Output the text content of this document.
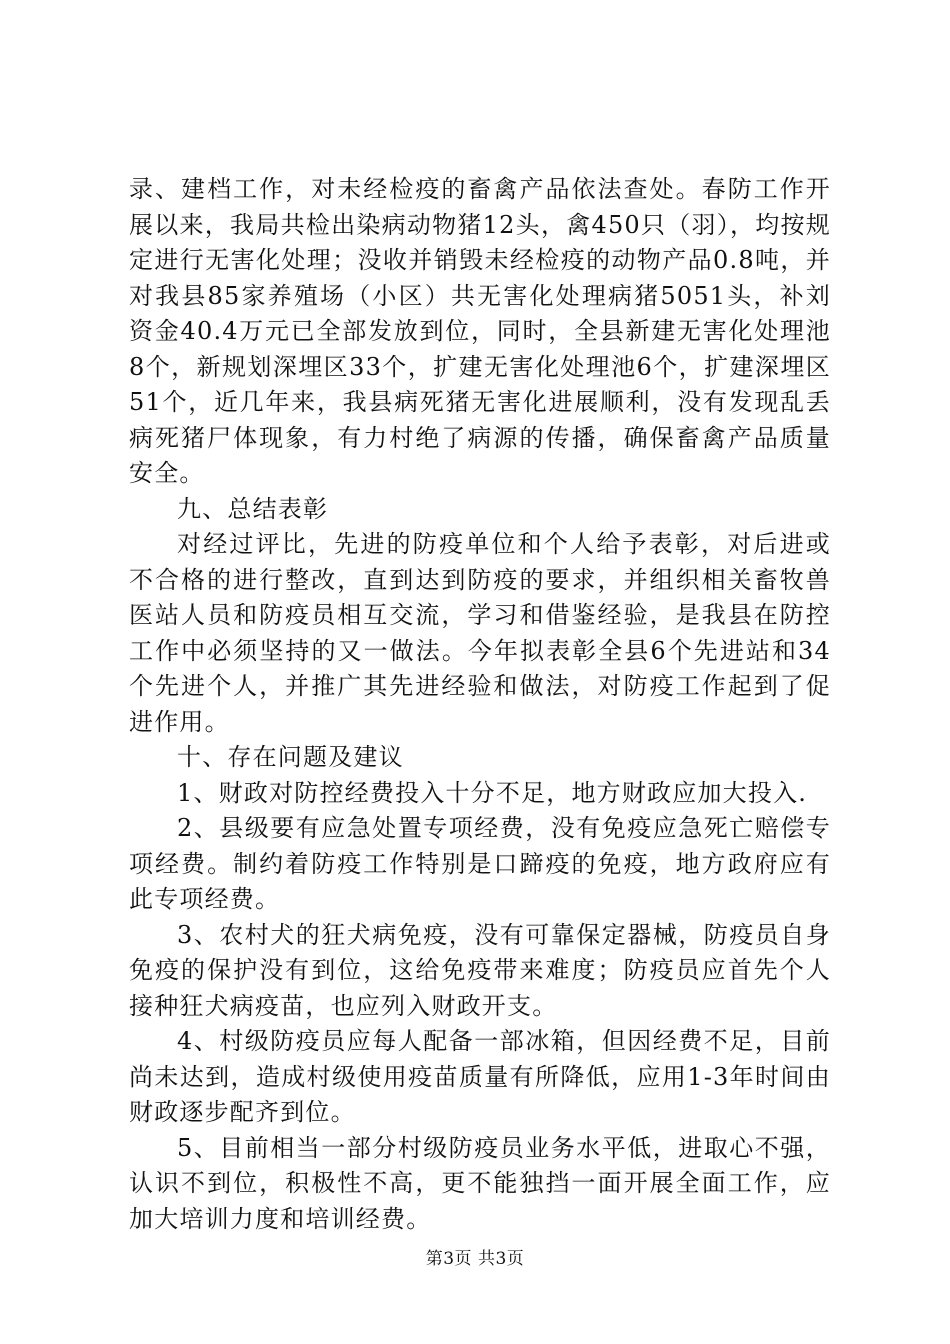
录、建档工作，对未经检疫的畜禽产品依法查处。春防工作开展以来，我局共检出染病动物猪12头，禽450只（羽），均按规定进行无害化处理；没收并销毁未经检疫的动物产品0.8吨，并对我县85家养殖场（小区）共无害化处理病猪5051头，补刘资金40.4万元已全部发放到位，同时，全县新建无害化处理池8个，新规划深埋区33个，扩建无害化处理池6个，扩建深埋区51个，近几年来，我县病死猪无害化进展顺利，没有发现乱丢病死猪尸体现象，有力村绝了病源的传播，确保畜禽产品质量安全。

九、总结表彰

对经过评比，先进的防疫单位和个人给予表彰，对后进或不合格的进行整改，直到达到防疫的要求，并组织相关畜牧兽医站人员和防疫员相互交流，学习和借鉴经验，是我县在防控工作中必须坚持的又一做法。今年拟表彰全县6个先进站和34个先进个人，并推广其先进经验和做法，对防疫工作起到了促进作用。

十、存在问题及建议

1、财政对防控经费投入十分不足，地方财政应加大投入.

2、县级要有应急处置专项经费，没有免疫应急死亡赔偿专项经费。制约着防疫工作特别是口蹄疫的免疫，地方政府应有此专项经费。

3、农村犬的狂犬病免疫，没有可靠保定器械，防疫员自身免疫的保护没有到位，这给免疫带来难度；防疫员应首先个人接种狂犬病疫苗，也应列入财政开支。

4、村级防疫员应每人配备一部冰箱，但因经费不足，目前尚未达到，造成村级使用疫苗质量有所降低，应用1-3年时间由财政逐步配齐到位。

5、目前相当一部分村级防疫员业务水平低，进取心不强，认识不到位，积极性不高，更不能独挡一面开展全面工作，应加大培训力度和培训经费。

第3页 共3页
